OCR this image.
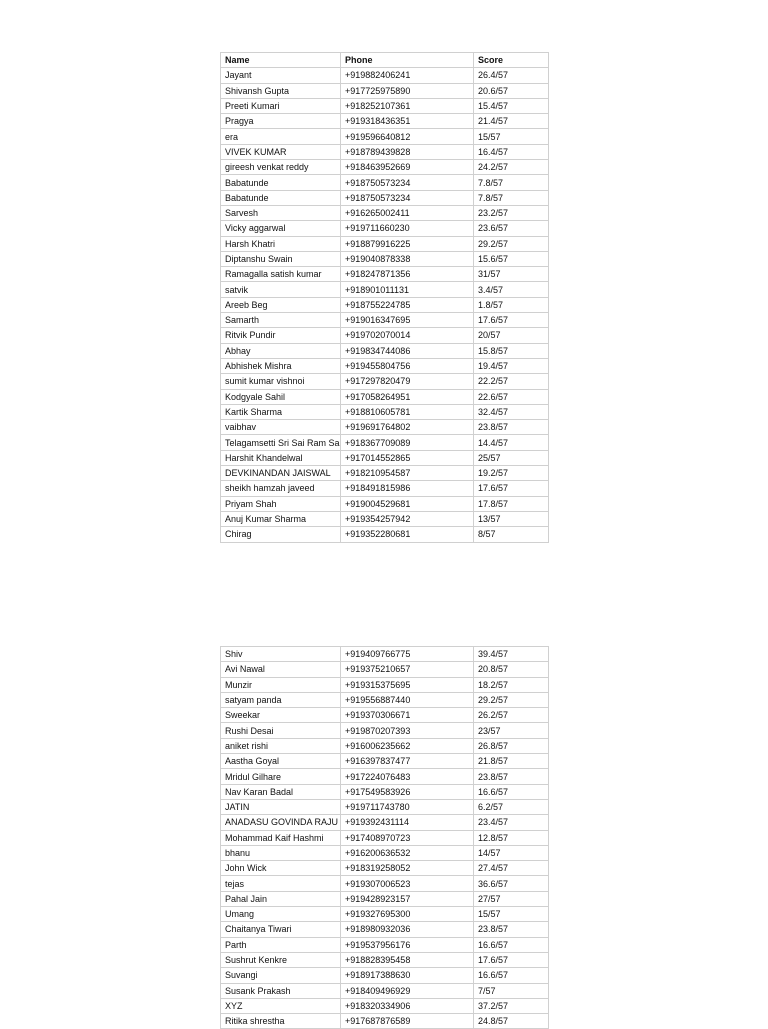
Name	Phone	Score
Jayant	+919882406241	26.4/57
Shivansh Gupta	+917725975890	20.6/57
Preeti Kumari	+918252107361	15.4/57
Pragya	+919318436351	21.4/57
era	+919596640812	15/57
VIVEK KUMAR	+918789439828	16.4/57
gireesh venkat reddy	+918463952669	24.2/57
Babatunde	+918750573234	7.8/57
Babatunde	+918750573234	7.8/57
Sarvesh	+916265002411	23.2/57
Vicky aggarwal	+919711660230	23.6/57
Harsh Khatri	+918879916225	29.2/57
Diptanshu Swain	+919040878338	15.6/57
Ramagalla satish kumar	+918247871356	31/57
satvik	+918901011131	3.4/57
Areeb Beg	+918755224785	1.8/57
Samarth	+919016347695	17.6/57
Ritvik Pundir	+919702070014	20/57
Abhay	+919834744086	15.8/57
Abhishek Mishra	+919455804756	19.4/57
sumit kumar vishnoi	+917297820479	22.2/57
Kodgyale Sahil	+917058264951	22.6/57
Kartik Sharma	+918810605781	32.4/57
vaibhav	+919691764802	23.8/57
Telagamsetti Sri Sai Ram Sa	+918367709089	14.4/57
Harshit Khandelwal	+917014552865	25/57
DEVKINANDAN JAISWAL	+918210954587	19.2/57
sheikh hamzah javeed	+918491815986	17.6/57
Priyam Shah	+919004529681	17.8/57
Anuj Kumar Sharma	+919354257942	13/57
Chirag	+919352280681	8/57
Shiv	+919409766775	39.4/57
Avi Nawal	+919375210657	20.8/57
Munzir	+919315375695	18.2/57
satyam panda	+919556887440	29.2/57
Sweekar	+919370306671	26.2/57
Rushi Desai	+919870207393	23/57
aniket rishi	+916006235662	26.8/57
Aastha Goyal	+916397837477	21.8/57
Mridul Gilhare	+917224076483	23.8/57
Nav Karan Badal	+917549583926	16.6/57
JATIN	+919711743780	6.2/57
ANADASU GOVINDA RAJU	+919392431114	23.4/57
Mohammad Kaif Hashmi	+917408970723	12.8/57
bhanu	+916200636532	14/57
John Wick	+918319258052	27.4/57
tejas	+919307006523	36.6/57
Pahal Jain	+919428923157	27/57
Umang	+919327695300	15/57
Chaitanya Tiwari	+918980932036	23.8/57
Parth	+919537956176	16.6/57
Sushrut Kenkre	+918828395458	17.6/57
Suvangi	+918917388630	16.6/57
Susank Prakash	+918409496929	7/57
XYZ	+918320334906	37.2/57
Ritika shrestha	+917687876589	24.8/57
